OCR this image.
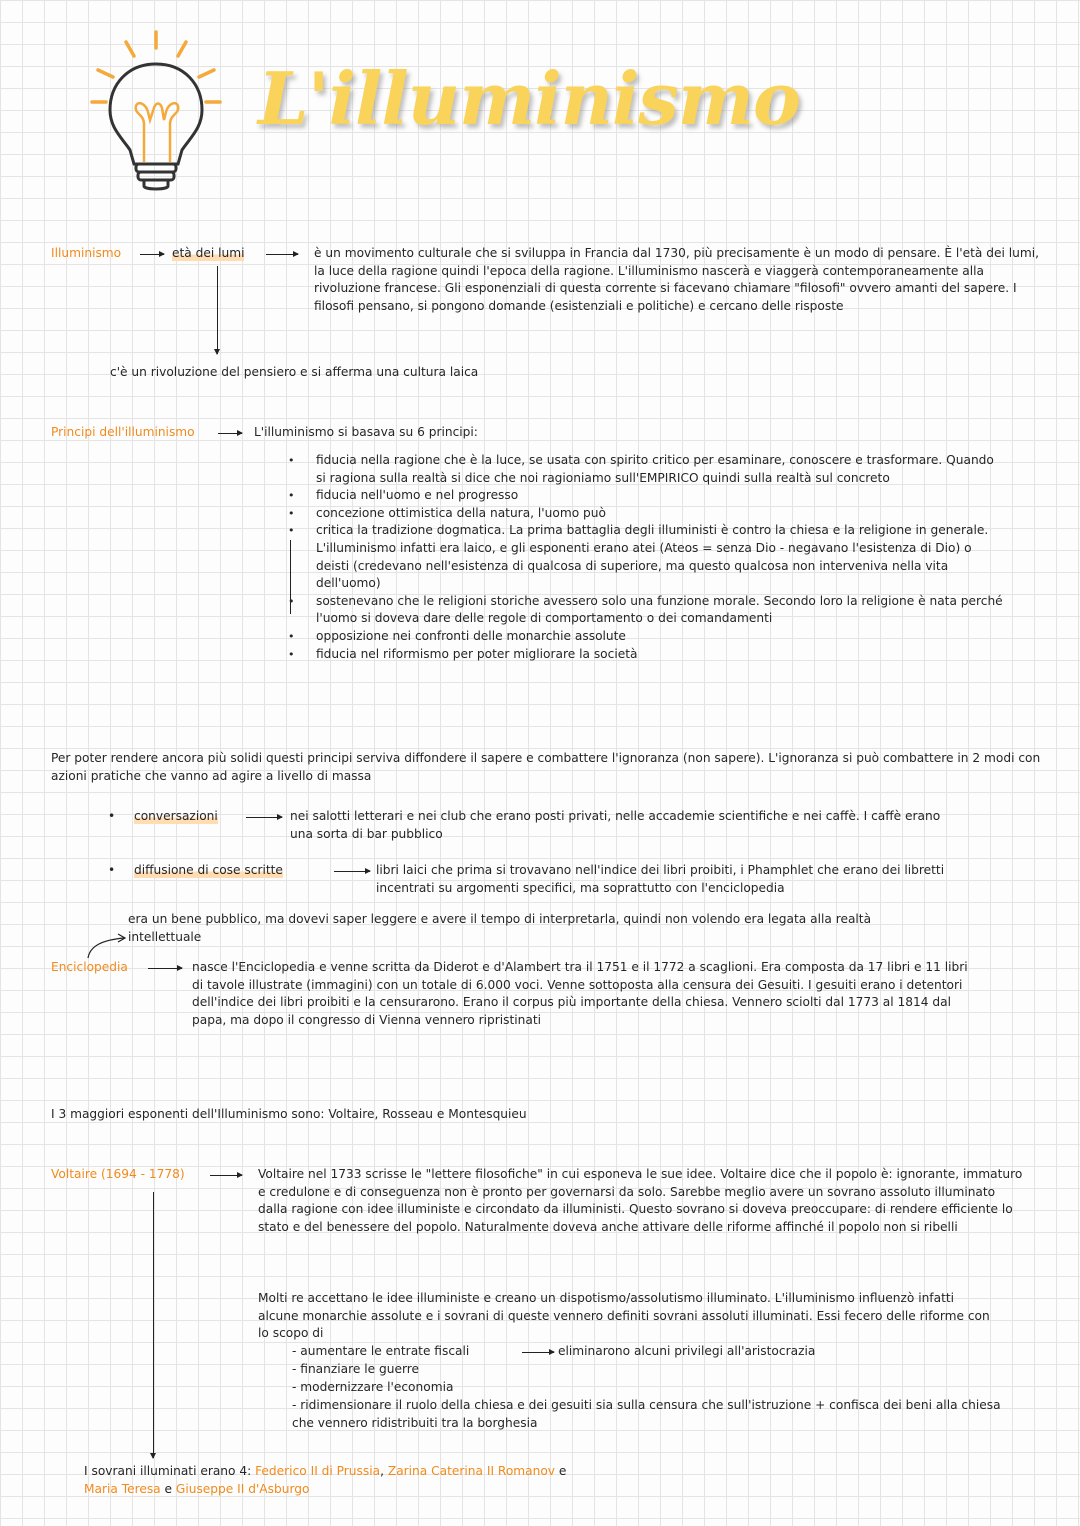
L'illuminismo
Illuminismo	età dei lumi	è un movimento culturale che si sviluppa in Francia dal 1730, più precisamente è un modo di pensare. È l'età dei lumi, la luce della ragione quindi l'epoca della ragione. L'illuminismo nascerà e viaggerà contemporaneamente alla rivoluzione francese. Gli esponenziali di questa corrente si facevano chiamare "filosofi" ovvero amanti del sapere. I filosofi pensano, si pongono domande (esistenziali e politiche) e cercano delle risposte
c'è un rivoluzione del pensiero e si afferma una cultura laica
Principi dell'illuminismo	L'illuminismo si basava su 6 principi:
• fiducia nella ragione che è la luce, se usata con spirito critico per esaminare, conoscere e trasformare. Quando si ragiona sulla realtà si dice che noi ragioniamo sull'EMPIRICO quindi sulla realtà sul concreto
• fiducia nell'uomo e nel progresso
• concezione ottimistica della natura, l'uomo può
• critica la tradizione dogmatica. La prima battaglia degli illuministi è contro la chiesa e la religione in generale. L'illuminismo infatti era laico, e gli esponenti erano atei (Ateos = senza Dio - negavano l'esistenza di Dio) o deisti (credevano nell'esistenza di qualcosa di superiore, ma questo qualcosa non interveniva nella vita dell'uomo)
• sostenevano che le religioni storiche avessero solo una funzione morale. Secondo loro la religione è nata perché l'uomo si doveva dare delle regole di comportamento o dei comandamenti
• opposizione nei confronti delle monarchie assolute
• fiducia nel riformismo per poter migliorare la società
Per poter rendere ancora più solidi questi principi serviva diffondere il sapere e combattere l'ignoranza (non sapere). L'ignoranza si può combattere in 2 modi con azioni pratiche che vanno ad agire a livello di massa
• conversazioni	nei salotti letterari e nei club che erano posti privati, nelle accademie scientifiche e nei caffè. I caffè erano una sorta di bar pubblico
• diffusione di cose scritte	libri laici che prima si trovavano nell'indice dei libri proibiti, i Phamphlet che erano dei libretti incentrati su argomenti specifici, ma soprattutto con l'enciclopedia
era un bene pubblico, ma dovevi saper leggere e avere il tempo di interpretarla, quindi non volendo era legata alla realtà intellettuale
Enciclopedia	nasce l'Enciclopedia e venne scritta da Diderot e d'Alambert tra il 1751 e il 1772 a scaglioni. Era composta da 17 libri e 11 libri di tavole illustrate (immagini) con un totale di 6.000 voci. Venne sottoposta alla censura dei Gesuiti. I gesuiti erano i detentori dell'indice dei libri proibiti e la censurarono. Erano il corpus più importante della chiesa. Vennero sciolti dal 1773 al 1814 dal papa, ma dopo il congresso di Vienna vennero ripristinati
I 3 maggiori esponenti dell'Illuminismo sono: Voltaire, Rosseau e Montesquieu
Voltaire (1694 - 1778)	Voltaire nel 1733 scrisse le "lettere filosofiche" in cui esponeva le sue idee. Voltaire dice che il popolo è: ignorante, immaturo e credulone e di conseguenza non è pronto per governarsi da solo. Sarebbe meglio avere un sovrano assoluto illuminato dalla ragione con idee illuministe e circondato da illuministi. Questo sovrano si doveva preoccupare: di rendere efficiente lo stato e del benessere del popolo. Naturalmente doveva anche attivare delle riforme affinché il popolo non si ribelli
Molti re accettano le idee illuministe e creano un dispotismo/assolutismo illuminato. L'illuminismo influenzò infatti alcune monarchie assolute e i sovrani di queste vennero definiti sovrani assoluti illuminati. Essi fecero delle riforme con lo scopo di
- aumentare le entrate fiscali	eliminarono alcuni privilegi all'aristocrazia
- finanziare le guerre
- modernizzare l'economia
- ridimensionare il ruolo della chiesa e dei gesuiti sia sulla censura che sull'istruzione + confisca dei beni alla chiesa che vennero ridistribuiti tra la borghesia
I sovrani illuminati erano 4: Federico II di Prussia, Zarina Caterina II Romanov e
Maria Teresa e Giuseppe II d'Asburgo
